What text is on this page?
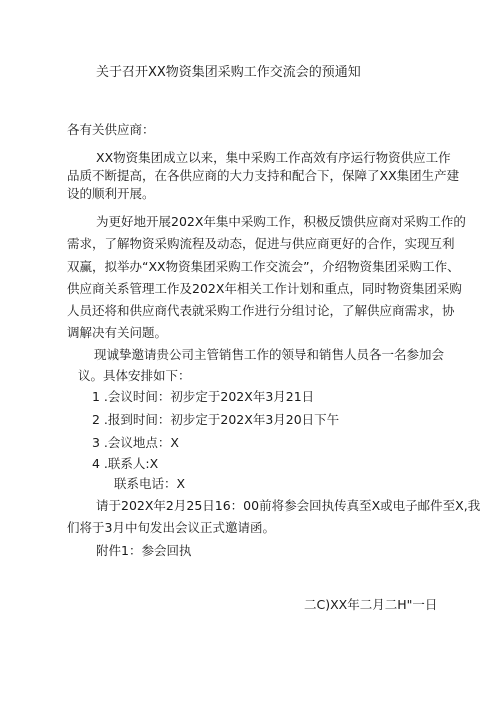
关于召开XX物资集团采购工作交流会的预通知
各有关供应商：
XX物资集团成立以来，集中采购工作高效有序运行物资供应工作
品质不断提高，在各供应商的大力支持和配合下，保障了XX集团生产建
设的顺利开展。
为更好地开展202X年集中采购工作，积极反馈供应商对采购工作的
需求，了解物资采购流程及动态，促进与供应商更好的合作，实现互利
双赢，拟举办“XX物资集团采购工作交流会”，介绍物资集团采购工作、
供应商关系管理工作及202X年相关工作计划和重点，同时物资集团采购
人员还将和供应商代表就采购工作进行分组讨论，了解供应商需求，协
调解决有关问题。
现诚挚邀请贵公司主管销售工作的领导和销售人员各一名参加会
议。具体安排如下：
1 .会议时间：初步定于202X年3月21日
2 .报到时间：初步定于202X年3月20日下午
3 .会议地点：X
4 .联系人:X
联系电话：X
请于202X年2月25日16：00前将参会回执传真至X或电子邮件至X,我
们将于3月中旬发出会议正式邀请函。
附件1：参会回执
二C)XX年二月二H"一日
